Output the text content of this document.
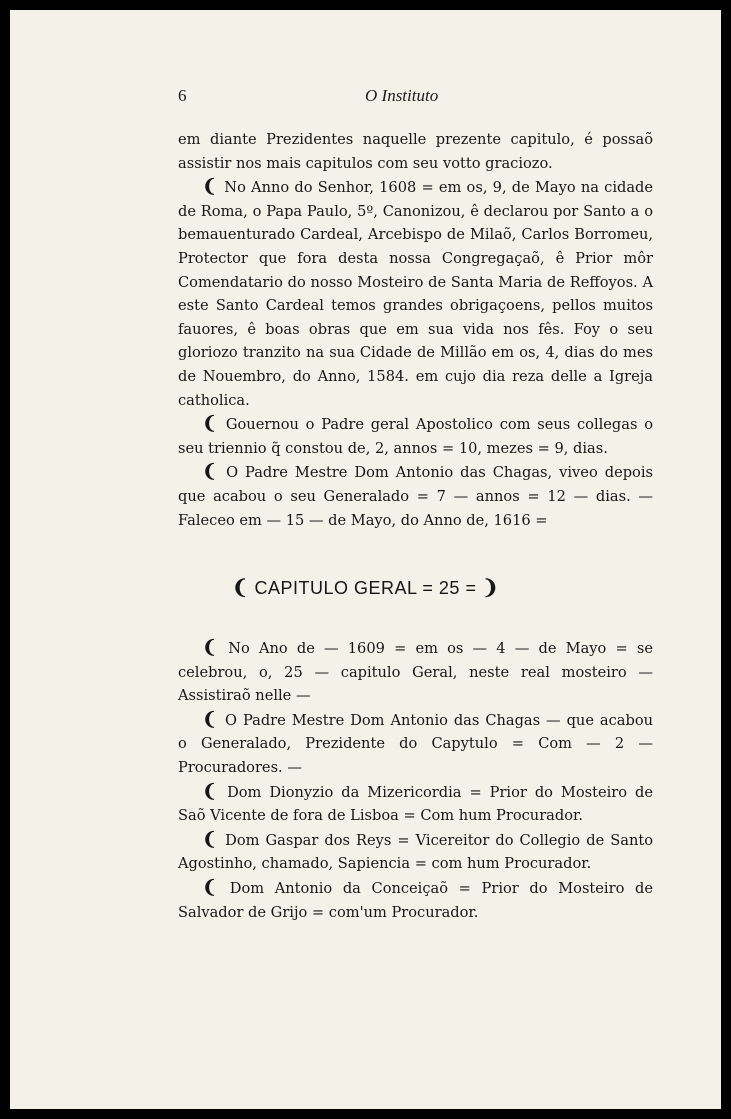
6	O Instituto

em diante Prezidentes naquelle prezente capitulo, é possaõ assistir nos mais capitulos com seu votto graciozo.

❨ No Anno do Senhor, 1608 = em os, 9, de Mayo na cidade de Roma, o Papa Paulo, 5º, Canonizou, ê declarou por Santo a o bemauenturado Cardeal, Arcebispo de Milaõ, Carlos Borromeu, Protector que fora desta nossa Congregaçaõ, ê Prior môr Comendatario do nosso Mosteiro de Santa Maria de Reffoyos. A este Santo Cardeal temos grandes obrigaçoens, pellos muitos fauores, ê boas obras que em sua vida nos fês. Foy o seu gloriozo tranzito na sua Cidade de Millão em os, 4, dias do mes de Nouembro, do Anno, 1584. em cujo dia reza delle a Igreja catholica.

❨ Gouernou o Padre geral Apostolico com seus collegas o seu triennio q̃ constou de, 2, annos = 10, mezes = 9, dias.

❨ O Padre Mestre Dom Antonio das Chagas, viveo depois que acabou o seu Generalado = 7 — annos = 12 — dias. — Faleceo em — 15 — de Mayo, do Anno de, 1616 =

❨ CAPITULO GERAL = 25 = ❩

❨ No Ano de — 1609 = em os — 4 — de Mayo = se celebrou, o, 25 — capitulo Geral, neste real mosteiro — Assistiraõ nelle —

❨ O Padre Mestre Dom Antonio das Chagas — que acabou o Generalado, Prezidente do Capytulo = Com — 2 — Procuradores. —

❨ Dom Dionyzio da Mizericordia = Prior do Mosteiro de Saõ Vicente de fora de Lisboa = Com hum Procurador.

❨ Dom Gaspar dos Reys = Vicereitor do Collegio de Santo Agostinho, chamado, Sapiencia = com hum Procurador.

❨ Dom Antonio da Conceiçaõ = Prior do Mosteiro de Salvador de Grijo = com'um Procurador.
